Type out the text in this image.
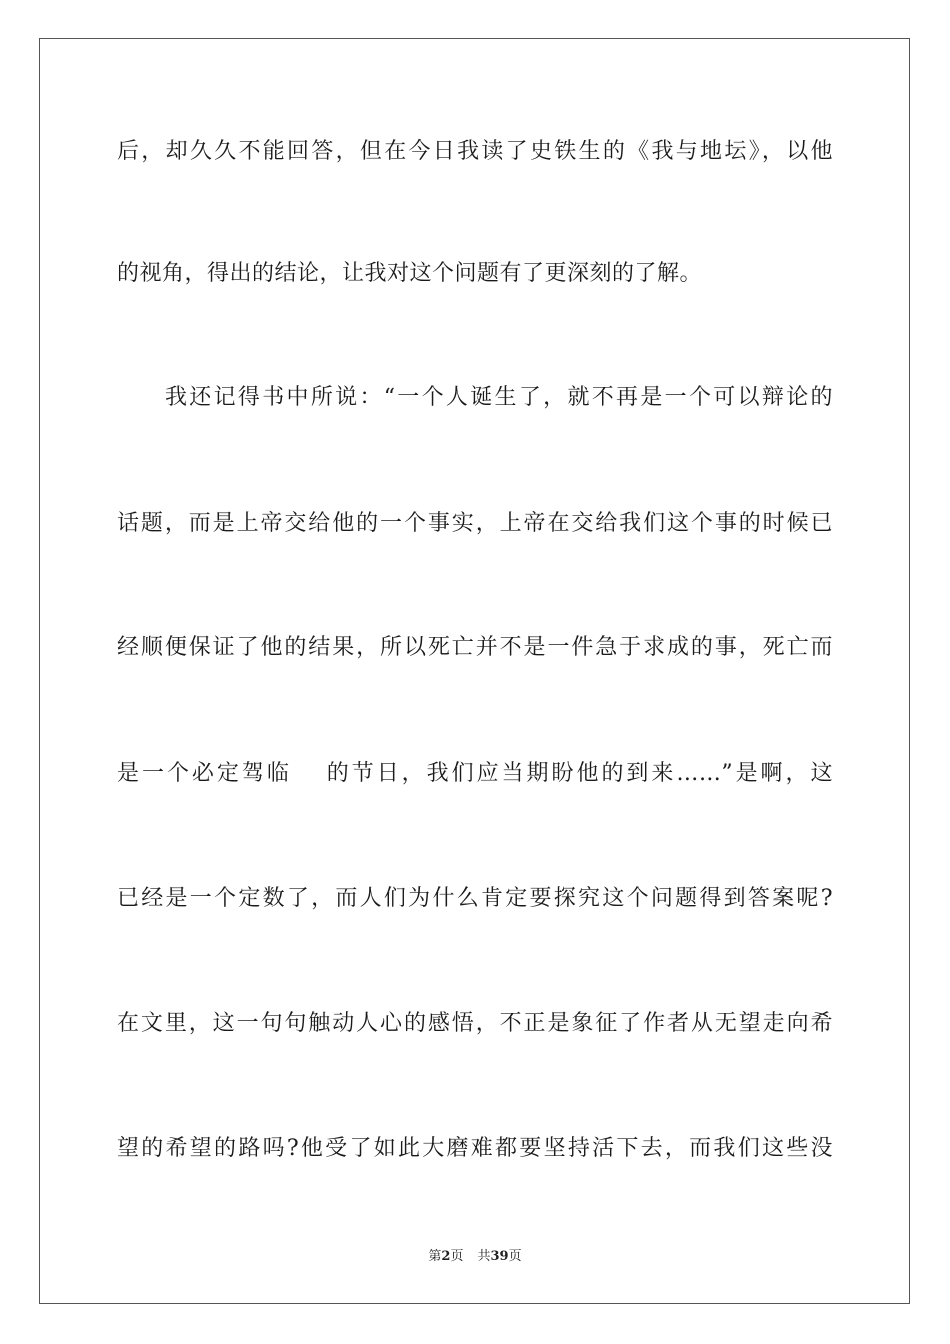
后，却久久不能回答，但在今日我读了史铁生的《我与地坛》，以他
的视角，得出的结论，让我对这个问题有了更深刻的了解。
我还记得书中所说：“一个人诞生了，就不再是一个可以辩论的
话题，而是上帝交给他的一个事实，上帝在交给我们这个事的时候已
经顺便保证了他的结果，所以死亡并不是一件急于求成的事，死亡而
是一个必定驾临　 的节日，我们应当期盼他的到来……”是啊，这
已经是一个定数了，而人们为什么肯定要探究这个问题得到答案呢?
在文里，这一句句触动人心的感悟，不正是象征了作者从无望走向希
望的希望的路吗?他受了如此大磨难都要坚持活下去，而我们这些没
第2页 共39页
